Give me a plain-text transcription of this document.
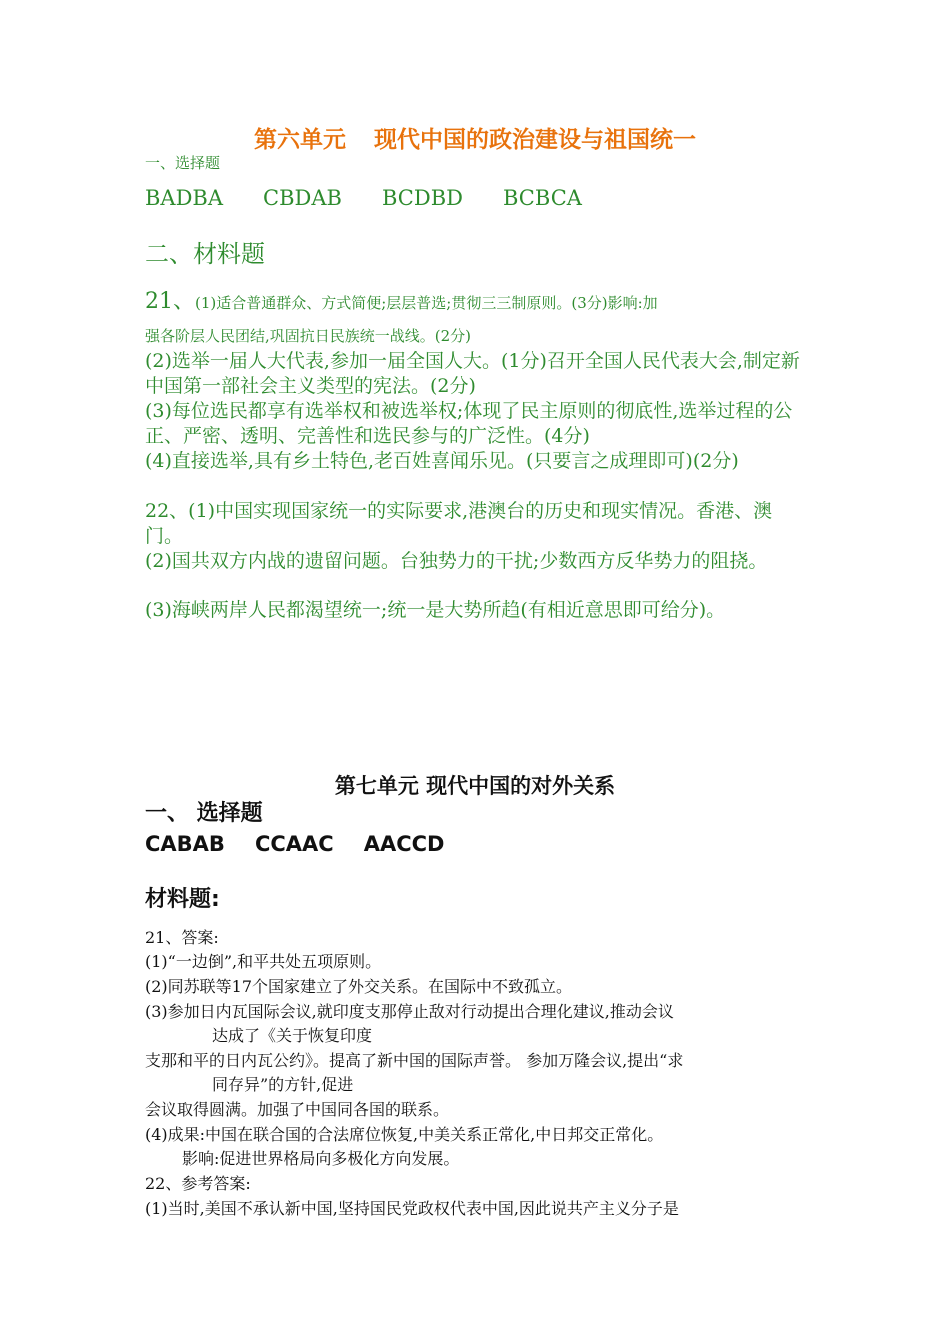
第六单元 现代中国的政治建设与祖国统一
一、选择题
BADBA CBDAB BCDBD BCBCA
二、材料题
21、(1)适合普通群众、方式简便;层层普选;贯彻三三制原则。(3分)影响:加
强各阶层人民团结,巩固抗日民族统一战线。(2分)
(2)选举一届人大代表,参加一届全国人大。(1分)召开全国人民代表大会,制定新中国第一部社会主义类型的宪法。(2分)
(3)每位选民都享有选举权和被选举权;体现了民主原则的彻底性,选举过程的公正、严密、透明、完善性和选民参与的广泛性。(4分)
(4)直接选举,具有乡土特色,老百姓喜闻乐见。(只要言之成理即可)(2分)
22、(1)中国实现国家统一的实际要求,港澳台的历史和现实情况。香港、澳门。
(2)国共双方内战的遗留问题。台独势力的干扰;少数西方反华势力的阻挠。
(3)海峡两岸人民都渴望统一;统一是大势所趋(有相近意思即可给分)。
第七单元 现代中国的对外关系
一、 选择题
CABAB CCAAC AACCD
材料题:
21、答案:
(1)“一边倒”,和平共处五项原则。
(2)同苏联等17个国家建立了外交关系。在国际中不致孤立。
(3)参加日内瓦国际会议,就印度支那停止敌对行动提出合理化建议,推动会议
达成了《关于恢复印度
支那和平的日内瓦公约》。提高了新中国的国际声誉。 参加万隆会议,提出“求
同存异”的方针,促进
会议取得圆满。加强了中国同各国的联系。
(4)成果:中国在联合国的合法席位恢复,中美关系正常化,中日邦交正常化。
影响:促进世界格局向多极化方向发展。
22、参考答案:
(1)当时,美国不承认新中国,坚持国民党政权代表中国,因此说共产主义分子是
